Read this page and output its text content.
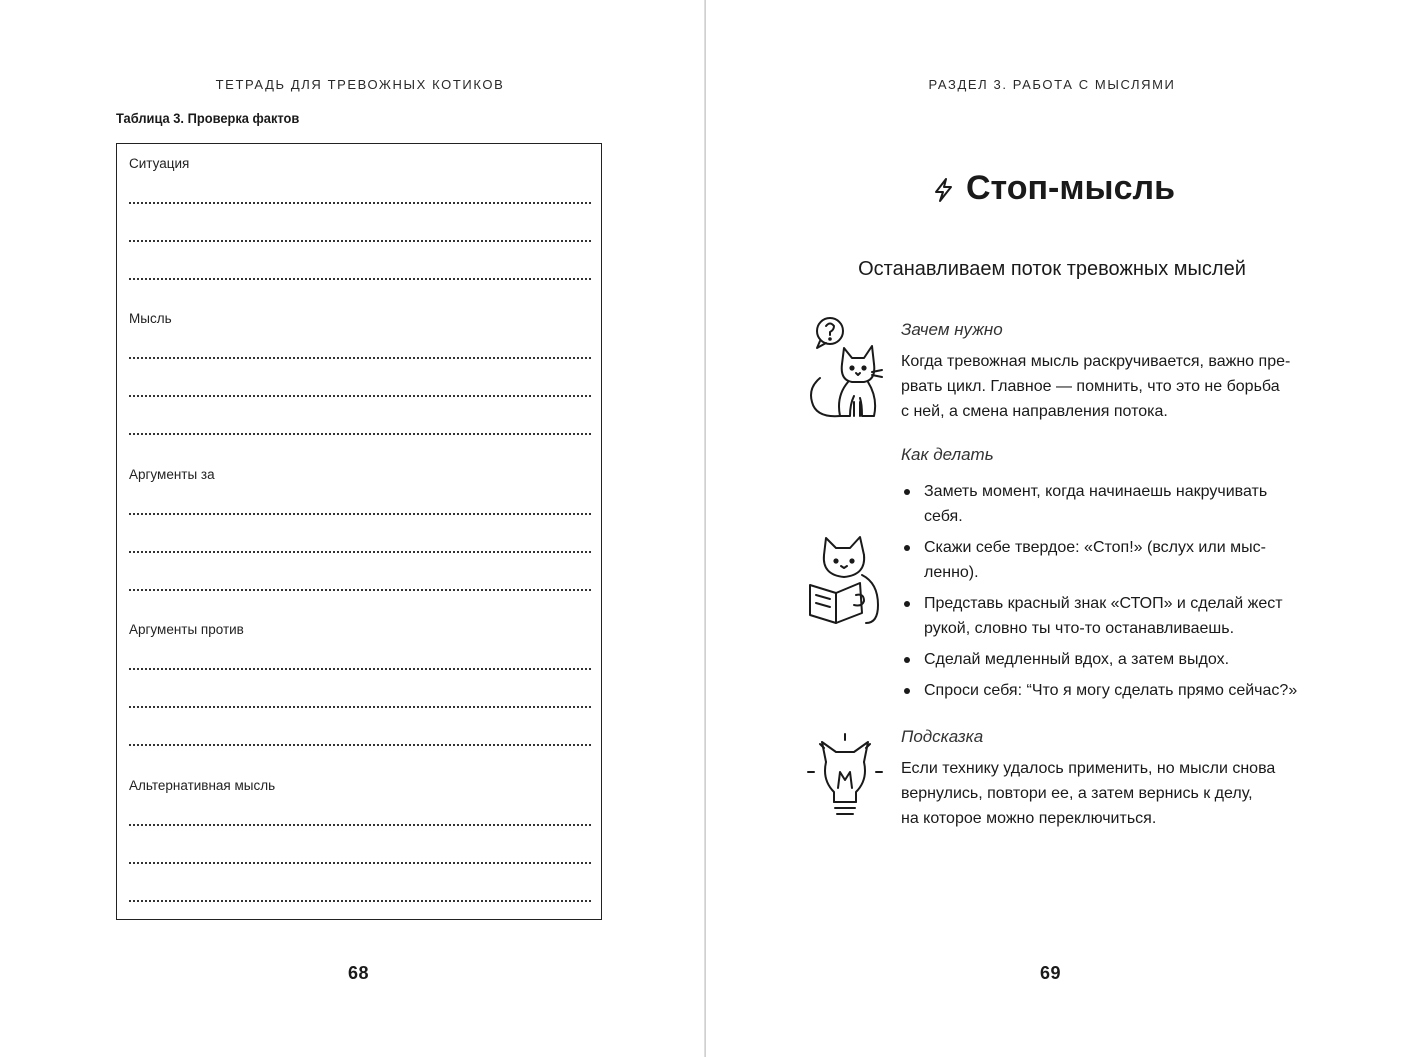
ТЕТРАДЬ ДЛЯ ТРЕВОЖНЫХ КОТИКОВ
Таблица 3. Проверка фактов
Ситуация
Мысль
Аргументы за
Аргументы против
Альтернативная мысль
68
РАЗДЕЛ 3. РАБОТА С МЫСЛЯМИ
Стоп-мысль
Останавливаем поток тревожных мыслей
Зачем нужно
Когда тревожная мысль раскручивается, важно пре-
рвать цикл. Главное — помнить, что это не борьба
с ней, а смена направления потока.
Как делать
Заметь момент, когда начинаешь накручивать
себя.
Скажи себе твердое: «Стоп!» (вслух или мыс-
ленно).
Представь красный знак «СТОП» и сделай жест
рукой, словно ты что-то останавливаешь.
Сделай медленный вдох, а затем выдох.
Спроси себя: “Что я могу сделать прямо сейчас?»
Подсказка
Если технику удалось применить, но мысли снова
вернулись, повтори ее, а затем вернись к делу,
на которое можно переключиться.
69
